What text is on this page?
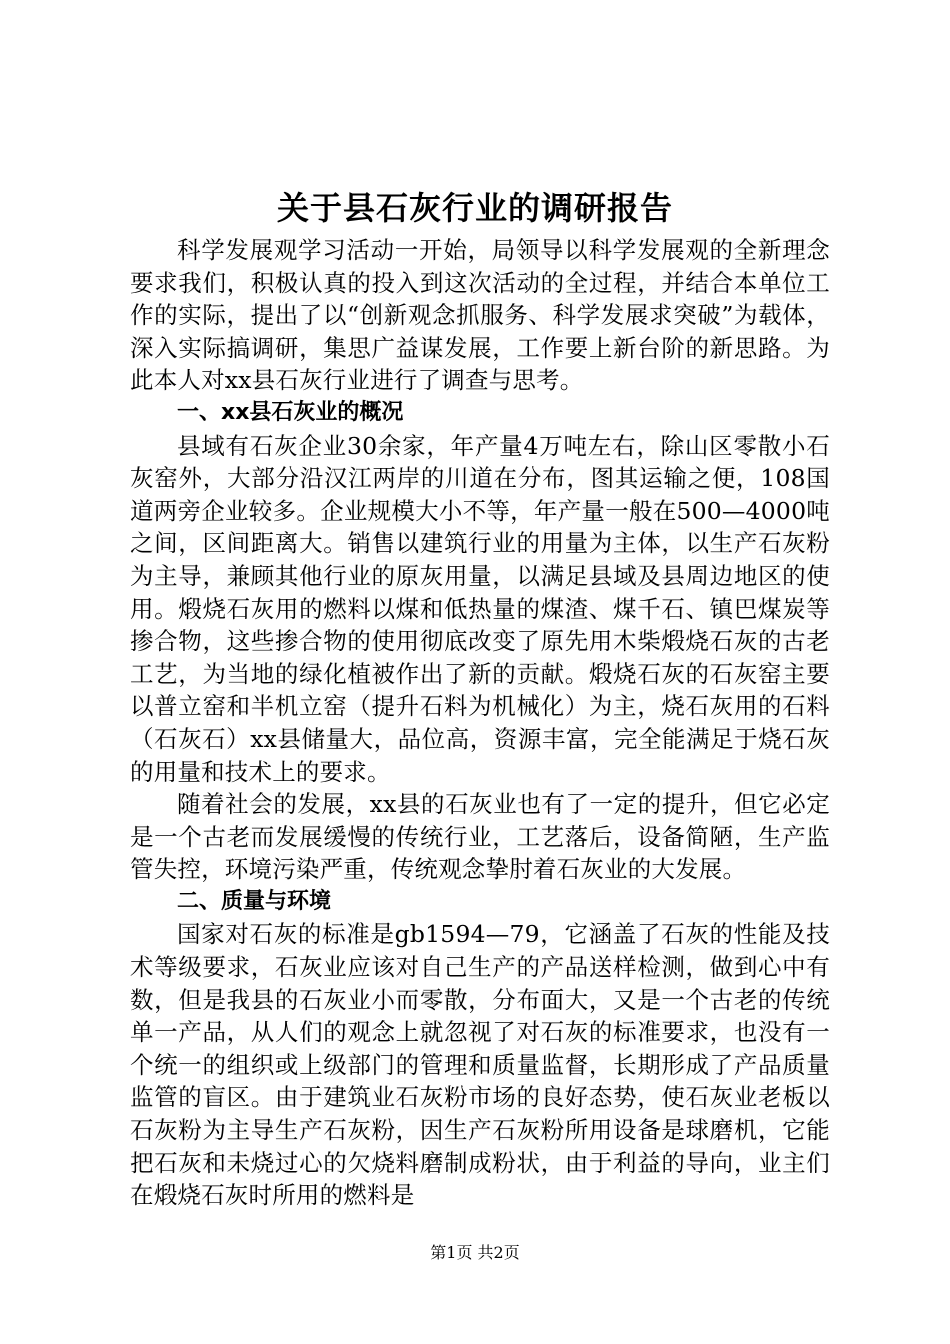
关于县石灰行业的调研报告

科学发展观学习活动一开始，局领导以科学发展观的全新理念要求我们，积极认真的投入到这次活动的全过程，并结合本单位工作的实际，提出了以“创新观念抓服务、科学发展求突破”为载体，深入实际搞调研，集思广益谋发展，工作要上新台阶的新思路。为此本人对xx县石灰行业进行了调查与思考。

一、xx县石灰业的概况

县域有石灰企业30余家，年产量4万吨左右，除山区零散小石灰窑外，大部分沿汉江两岸的川道在分布，图其运输之便，108国道两旁企业较多。企业规模大小不等，年产量一般在500—4000吨之间，区间距离大。销售以建筑行业的用量为主体，以生产石灰粉为主导，兼顾其他行业的原灰用量，以满足县域及县周边地区的使用。煅烧石灰用的燃料以煤和低热量的煤渣、煤千石、镇巴煤炭等掺合物，这些掺合物的使用彻底改变了原先用木柴煅烧石灰的古老工艺，为当地的绿化植被作出了新的贡献。煅烧石灰的石灰窑主要以普立窑和半机立窑（提升石料为机械化）为主，烧石灰用的石料（石灰石）xx县储量大，品位高，资源丰富，完全能满足于烧石灰的用量和技术上的要求。

随着社会的发展，xx县的石灰业也有了一定的提升，但它必定是一个古老而发展缓慢的传统行业，工艺落后，设备简陋，生产监管失控，环境污染严重，传统观念挚肘着石灰业的大发展。

二、质量与环境

国家对石灰的标准是gb1594—79，它涵盖了石灰的性能及技术等级要求，石灰业应该对自己生产的产品送样检测，做到心中有数，但是我县的石灰业小而零散，分布面大，又是一个古老的传统单一产品，从人们的观念上就忽视了对石灰的标准要求，也没有一个统一的组织或上级部门的管理和质量监督，长期形成了产品质量监管的盲区。由于建筑业石灰粉市场的良好态势，使石灰业老板以石灰粉为主导生产石灰粉，因生产石灰粉所用设备是球磨机，它能把石灰和未烧过心的欠烧料磨制成粉状，由于利益的导向，业主们在煅烧石灰时所用的燃料是

第1页 共2页
